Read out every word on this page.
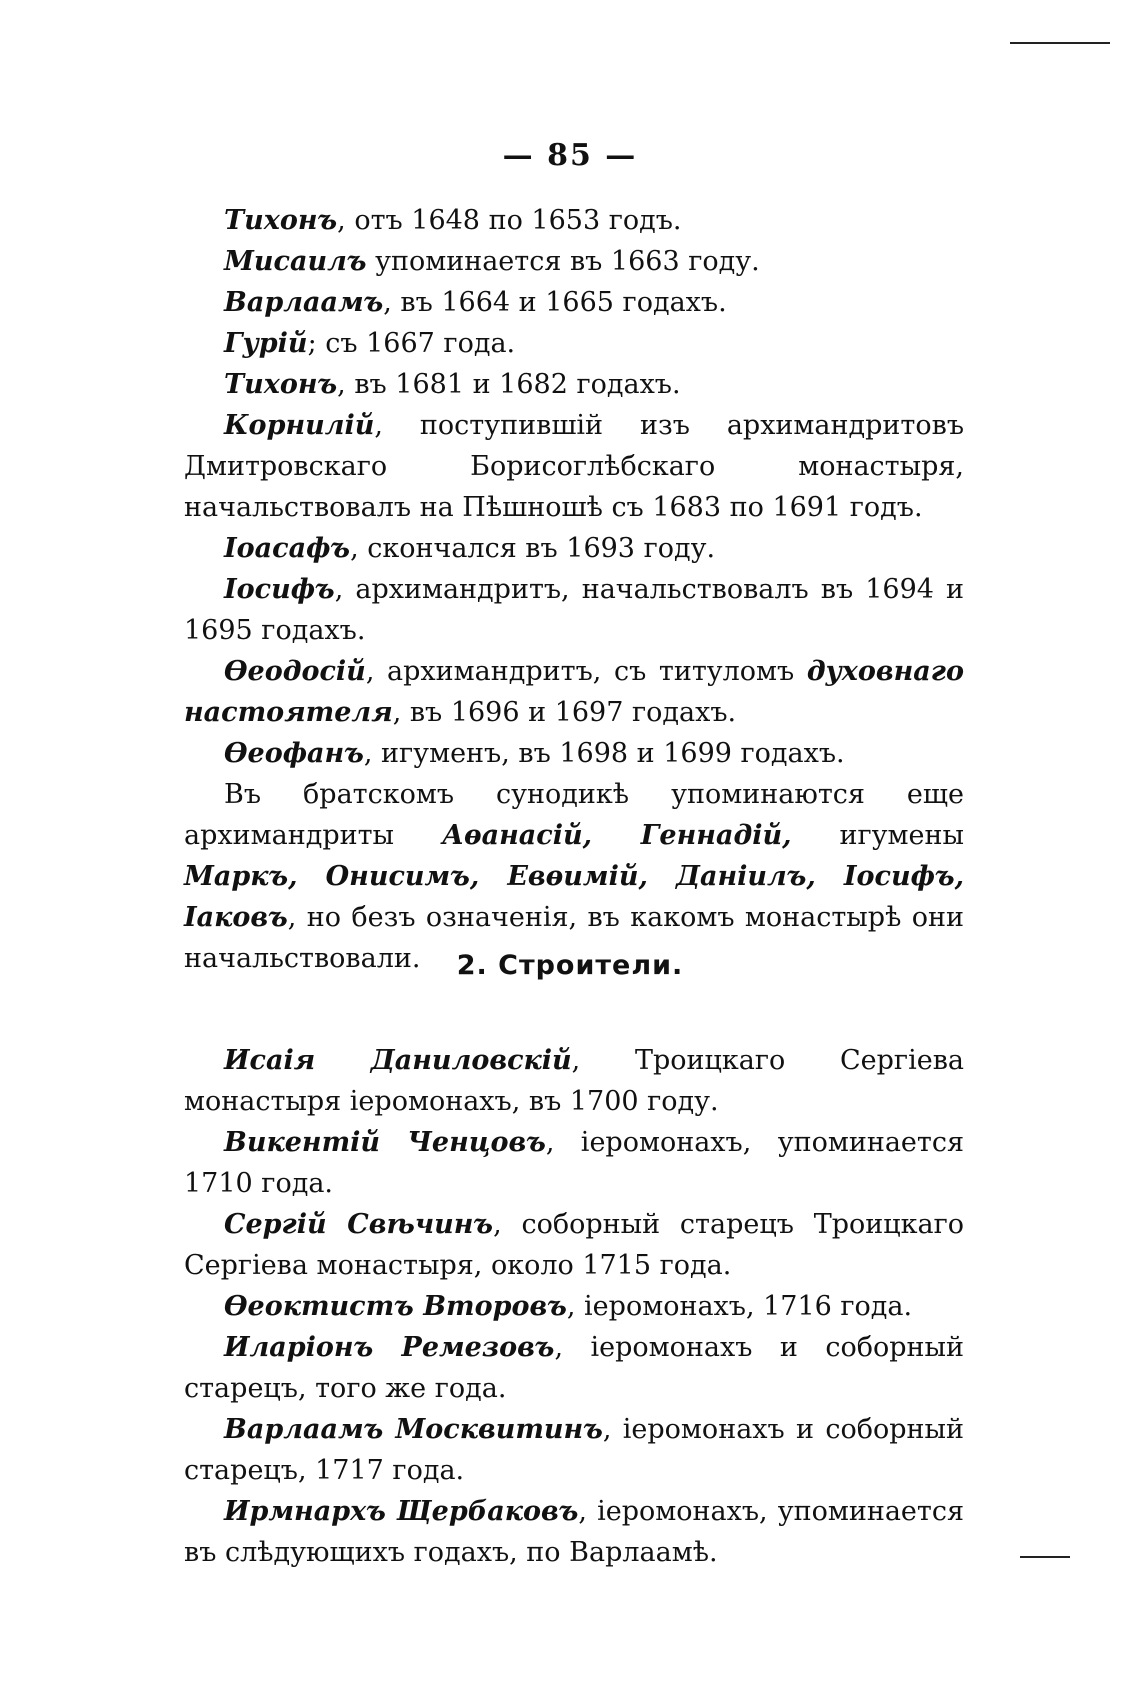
— 85 —

Тихонъ, отъ 1648 по 1653 годъ.

Мисаилъ упоминается въ 1663 году.

Варлаамъ, въ 1664 и 1665 годахъ.

Гурій; съ 1667 года.

Тихонъ, въ 1681 и 1682 годахъ.

Корнилій, поступившій изъ архимандритовъ Дмитровскаго Борисоглѣбскаго монастыря, начальствовалъ на Пѣшношѣ съ 1683 по 1691 годъ.

Іоасафъ, скончался въ 1693 году.

Іосифъ, архимандритъ, начальствовалъ въ 1694 и 1695 годахъ.

Ѳеодосій, архимандритъ, съ титуломъ духовнаго настоятеля, въ 1696 и 1697 годахъ.

Ѳеофанъ, игуменъ, въ 1698 и 1699 годахъ.

Въ братскомъ сунодикѣ упоминаются еще архимандриты Аѳанасій, Геннадій, игумены Маркъ, Онисимъ, Евѳимій, Даніилъ, Іосифъ, Іаковъ, но безъ означенія, въ какомъ монастырѣ они начальствовали.	2. Строители.

Исаія Даниловскій, Троицкаго Сергіева монастыря іеромонахъ, въ 1700 году.

Викентій Ченцовъ, іеромонахъ, упоминается 1710 года.

Сергій Свѣчинъ, соборный старецъ Троицкаго Сергіева монастыря, около 1715 года.

Ѳеоктистъ Второвъ, іеромонахъ, 1716 года.

Иларіонъ Ремезовъ, іеромонахъ и соборный старецъ, того же года.

Варлаамъ Москвитинъ, іеромонахъ и соборный старецъ, 1717 года.

Ирмнархъ Щербаковъ, іеромонахъ, упоминается въ слѣдующихъ годахъ, по Варлаамѣ.
